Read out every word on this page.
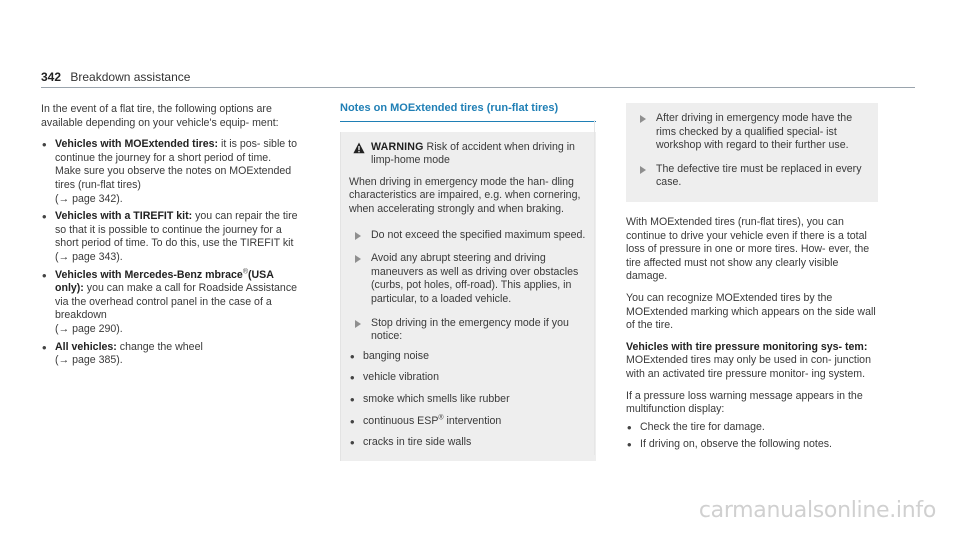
342 Breakdown assistance

In the event of a flat tire, the following options are available depending on your vehicle's equip- ment:

• Vehicles with MOExtended tires: it is pos- sible to continue the journey for a short period of time. Make sure you observe the notes on MOExtended tires (run-flat tires)
(→ page 342).
• Vehicles with a TIREFIT kit: you can repair the tire so that it is possible to continue the journey for a short period of time. To do this, use the TIREFIT kit (→ page 343).
• Vehicles with Mercedes-Benz mbrace®(USA only): you can make a call for Roadside Assistance via the overhead control panel in the case of a breakdown
(→ page 290).
• All vehicles: change the wheel
(→ page 385).
Notes on MOExtended tires (run-flat tires)
WARNING Risk of accident when driving in limp-home mode

When driving in emergency mode the han- dling characteristics are impaired, e.g. when cornering, when accelerating strongly and when braking.

Do not exceed the specified maximum speed.
Avoid any abrupt steering and driving maneuvers as well as driving over obstacles (curbs, pot holes, off-road). This applies, in particular, to a loaded vehicle.
Stop driving in the emergency mode if you notice:
• banging noise
• vehicle vibration
• smoke which smells like rubber
• continuous ESP® intervention
• cracks in tire side walls
After driving in emergency mode have the rims checked by a qualified special- ist workshop with regard to their further use.
The defective tire must be replaced in every case.

With MOExtended tires (run-flat tires), you can continue to drive your vehicle even if there is a total loss of pressure in one or more tires. How- ever, the tire affected must not show any clearly visible damage.

You can recognize MOExtended tires by the MOExtended marking which appears on the side wall of the tire.

Vehicles with tire pressure monitoring sys- tem: MOExtended tires may only be used in con- junction with an activated tire pressure monitor- ing system.

If a pressure loss warning message appears in the multifunction display:

• Check the tire for damage.
• If driving on, observe the following notes.
carmanualsonline.info
